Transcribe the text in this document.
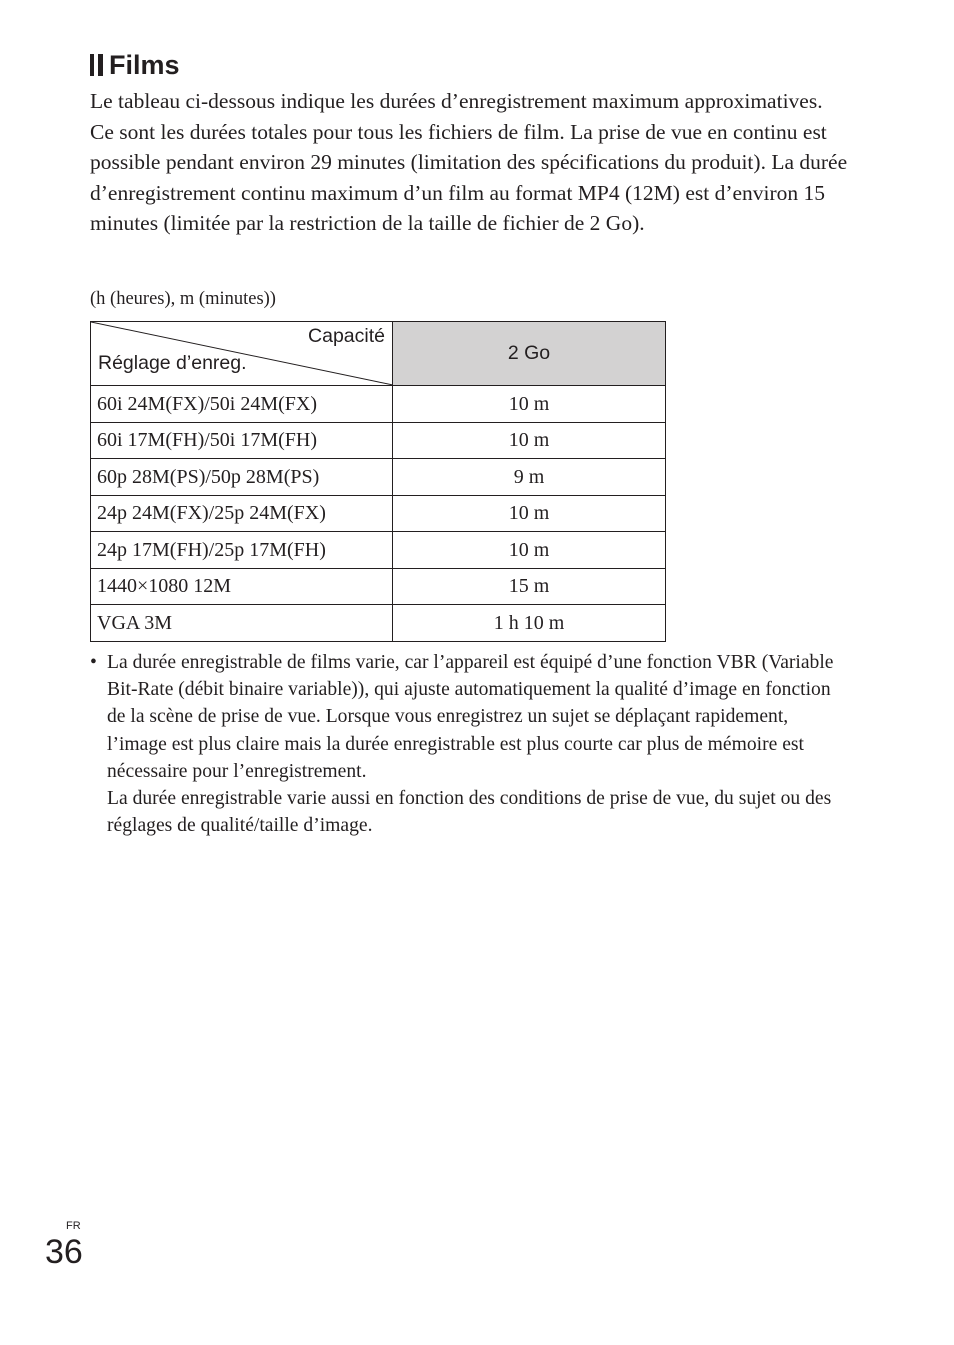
Films

Le tableau ci-dessous indique les durées d’enregistrement maximum approximatives. Ce sont les durées totales pour tous les fichiers de film. La prise de vue en continu est possible pendant environ 29 minutes (limitation des spécifications du produit). La durée d’enregistrement continu maximum d’un film au format MP4 (12M) est d’environ 15 minutes (limitée par la restriction de la taille de fichier de 2 Go).

(h (heures), m (minutes))

Capacité
Réglage d’enreg.	2 Go
60i 24M(FX)/50i 24M(FX)	10 m
60i 17M(FH)/50i 17M(FH)	10 m
60p 28M(PS)/50p 28M(PS)	9 m
24p 24M(FX)/25p 24M(FX)	10 m
24p 17M(FH)/25p 17M(FH)	10 m
1440×1080 12M	15 m
VGA 3M	1 h 10 m
• La durée enregistrable de films varie, car l’appareil est équipé d’une fonction VBR (Variable Bit-Rate (débit binaire variable)), qui ajuste automatiquement la qualité d’image en fonction de la scène de prise de vue. Lorsque vous enregistrez un sujet se déplaçant rapidement, l’image est plus claire mais la durée enregistrable est plus courte car plus de mémoire est nécessaire pour l’enregistrement.

La durée enregistrable varie aussi en fonction des conditions de prise de vue, du sujet ou des réglages de qualité/taille d’image.

FR
36
